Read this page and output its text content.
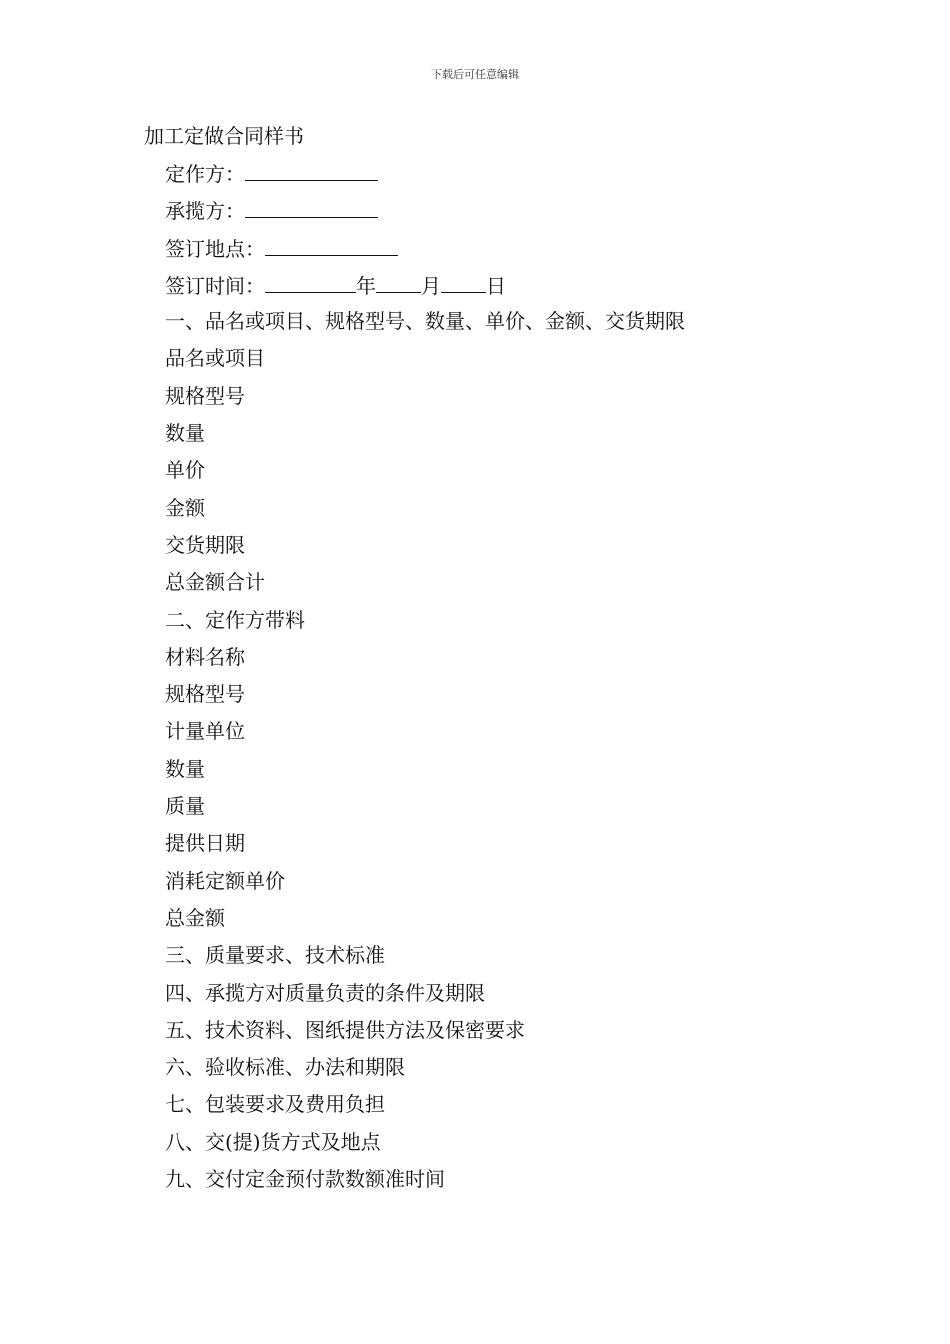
下载后可任意编辑
加工定做合同样书
定作方：
承揽方：
签订地点：
签订时间：	年 月 日
一、品名或项目、规格型号、数量、单价、金额、交货期限
品名或项目
规格型号
数量
单价
金额
交货期限
总金额合计
二、定作方带料
材料名称
规格型号
计量单位
数量
质量
提供日期
消耗定额单价
总金额
三、质量要求、技术标准
四、承揽方对质量负责的条件及期限
五、技术资料、图纸提供方法及保密要求
六、验收标准、办法和期限
七、包装要求及费用负担
八、交(提)货方式及地点
九、交付定金预付款数额准时间
